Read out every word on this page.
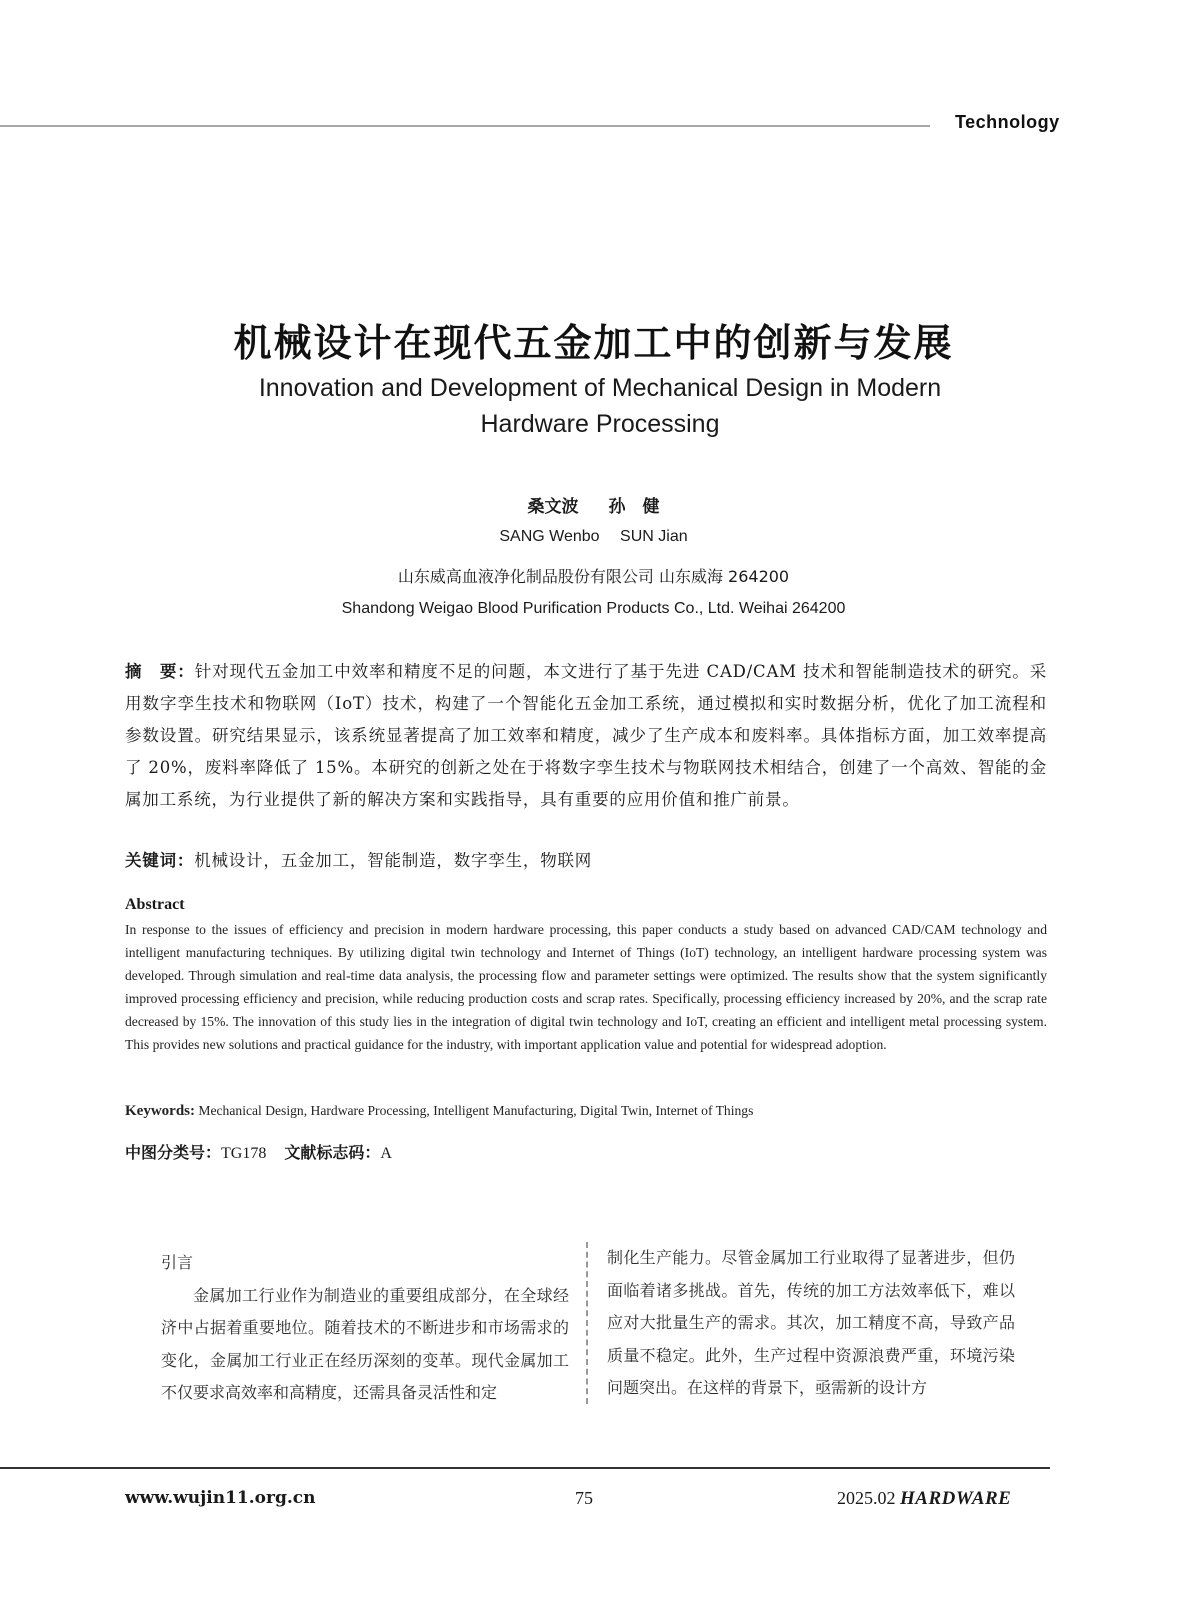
Technology
机械设计在现代五金加工中的创新与发展
Innovation and Development of Mechanical Design in Modern
Hardware Processing
桑文波 孙　健
SANG Wenbo SUN Jian
山东威高血液净化制品股份有限公司 山东威海 264200
Shandong Weigao Blood Purification Products Co., Ltd. Weihai 264200
摘　要：针对现代五金加工中效率和精度不足的问题，本文进行了基于先进 CAD/CAM 技术和智能制造技术的研究。采用数字孪生技术和物联网（IoT）技术，构建了一个智能化五金加工系统，通过模拟和实时数据分析，优化了加工流程和参数设置。研究结果显示，该系统显著提高了加工效率和精度，减少了生产成本和废料率。具体指标方面，加工效率提高了 20%，废料率降低了 15%。本研究的创新之处在于将数字孪生技术与物联网技术相结合，创建了一个高效、智能的金属加工系统，为行业提供了新的解决方案和实践指导，具有重要的应用价值和推广前景。
关键词：机械设计，五金加工，智能制造，数字孪生，物联网
Abstract
In response to the issues of efficiency and precision in modern hardware processing, this paper conducts a study based on advanced CAD/CAM technology and intelligent manufacturing techniques. By utilizing digital twin technology and Internet of Things (IoT) technology, an intelligent hardware processing system was developed. Through simulation and real-time data analysis, the processing flow and parameter settings were optimized. The results show that the system significantly improved processing efficiency and precision, while reducing production costs and scrap rates. Specifically, processing efficiency increased by 20%, and the scrap rate decreased by 15%. The innovation of this study lies in the integration of digital twin technology and IoT, creating an efficient and intelligent metal processing system. This provides new solutions and practical guidance for the industry, with important application value and potential for widespread adoption.
Keywords: Mechanical Design, Hardware Processing, Intelligent Manufacturing, Digital Twin, Internet of Things
中图分类号：TG178 文献标志码：A
引言
金属加工行业作为制造业的重要组成部分，在全球经济中占据着重要地位。随着技术的不断进步和市场需求的变化，金属加工行业正在经历深刻的变革。现代金属加工不仅要求高效率和高精度，还需具备灵活性和定
制化生产能力。尽管金属加工行业取得了显著进步，但仍面临着诸多挑战。首先，传统的加工方法效率低下，难以应对大批量生产的需求。其次，加工精度不高，导致产品质量不稳定。此外，生产过程中资源浪费严重，环境污染问题突出。在这样的背景下，亟需新的设计方
www.wujin11.org.cn	75	2025.02 HARDWARE
